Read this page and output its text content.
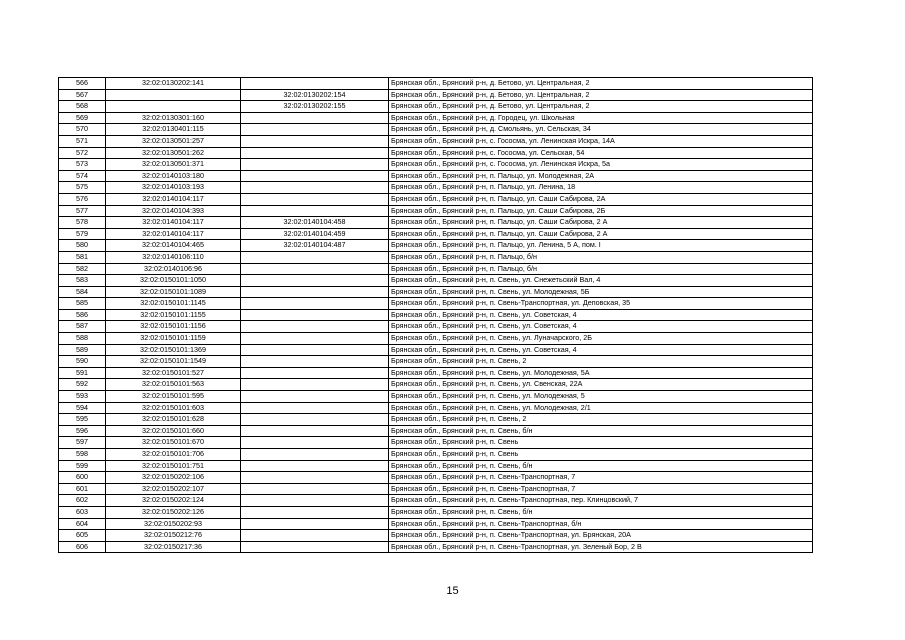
566	32:02:0130202:141		Брянская обл., Брянский р-н, д. Бетово, ул. Центральная, 2
567		32:02:0130202:154	Брянская обл., Брянский р-н, д. Бетово, ул. Центральная, 2
568		32:02:0130202:155	Брянская обл., Брянский р-н, д. Бетово, ул. Центральная, 2
569	32:02:0130301:160		Брянская обл., Брянский р-н, д. Городец, ул. Школьная
570	32:02:0130401:115		Брянская обл., Брянский р-н, д. Смольянь, ул. Сельская, 34
571	32:02:0130501:257		Брянская обл., Брянский р-н, с. Гососма, ул. Ленинская Искра, 14А
572	32:02:0130501:262		Брянская обл., Брянский р-н, с. Гососма, ул. Сельская, 54
573	32:02:0130501:371		Брянская обл., Брянский р-н, с. Гососма, ул. Ленинская Искра, 5а
574	32:02:0140103:180		Брянская обл., Брянский р-н, п. Пальцо, ул. Молодежная, 2А
575	32:02:0140103:193		Брянская обл., Брянский р-н, п. Пальцо, ул. Ленина, 18
576	32:02:0140104:117		Брянская обл., Брянский р-н, п. Пальцо, ул. Саши Сабирова, 2А
577	32:02:0140104:393		Брянская обл., Брянский р-н, п. Пальцо, ул. Саши Сабирова, 2Б
578	32:02:0140104:117	32:02:0140104:458	Брянская обл., Брянский р-н, п. Пальцо, ул. Саши Сабирова, 2 А
579	32:02:0140104:117	32:02:0140104:459	Брянская обл., Брянский р-н, п. Пальцо, ул. Саши Сабирова, 2 А
580	32:02:0140104:465	32:02:0140104:487	Брянская обл., Брянский р-н, п. Пальцо, ул. Ленина, 5 А, пом. I
581	32:02:0140106:110		Брянская обл., Брянский р-н, п. Пальцо, б/н
582	32:02:0140106:96		Брянская обл., Брянский р-н, п. Пальцо, б/н
583	32:02:0150101:1050		Брянская обл., Брянский р-н, п. Свень, ул. Снежетьский Вал, 4
584	32:02:0150101:1089		Брянская обл., Брянский р-н, п. Свень, ул. Молодежная, 5Б
585	32:02:0150101:1145		Брянская обл., Брянский р-н, п. Свень-Транспортная, ул. Деповская, 35
586	32:02:0150101:1155		Брянская обл., Брянский р-н, п. Свень, ул. Советская, 4
587	32:02:0150101:1156		Брянская обл., Брянский р-н, п. Свень, ул. Советская, 4
588	32:02:0150101:1159		Брянская обл., Брянский р-н, п. Свень, ул. Луначарского, 2Б
589	32:02:0150101:1369		Брянская обл., Брянский р-н, п. Свень, ул. Советская, 4
590	32:02:0150101:1549		Брянская обл., Брянский р-н, п. Свень, 2
591	32:02:0150101:527		Брянская обл., Брянский р-н, п. Свень, ул. Молодежная, 5А
592	32:02:0150101:563		Брянская обл., Брянский р-н, п. Свень, ул. Свенская, 22А
593	32:02:0150101:595		Брянская обл., Брянский р-н, п. Свень, ул. Молодежная, 5
594	32:02:0150101:603		Брянская обл., Брянский р-н, п. Свень, ул. Молодежная, 2/1
595	32:02:0150101:628		Брянская обл., Брянский р-н, п. Свень, 2
596	32:02:0150101:660		Брянская обл., Брянский р-н, п. Свень, б/н
597	32:02:0150101:670		Брянская обл., Брянский р-н, п. Свень
598	32:02:0150101:706		Брянская обл., Брянский р-н, п. Свень
599	32:02:0150101:751		Брянская обл., Брянский р-н, п. Свень, б/н
600	32:02:0150202:106		Брянская обл., Брянский р-н, п. Свень-Транспортная, 7
601	32:02:0150202:107		Брянская обл., Брянский р-н, п. Свень-Транспортная, 7
602	32:02:0150202:124		Брянская обл., Брянский р-н, п. Свень-Транспортная, пер. Клинцовский, 7
603	32:02:0150202:126		Брянская обл., Брянский р-н, п. Свень, б/н
604	32:02:0150202:93		Брянская обл., Брянский р-н, п. Свень-Транспортная, б/н
605	32:02:0150212:76		Брянская обл., Брянский р-н, п. Свень-Транспортная, ул. Брянская, 20А
606	32:02:0150217:36		Брянская обл., Брянский р-н, п. Свень-Транспортная, ул. Зеленый Бор, 2 В
15
